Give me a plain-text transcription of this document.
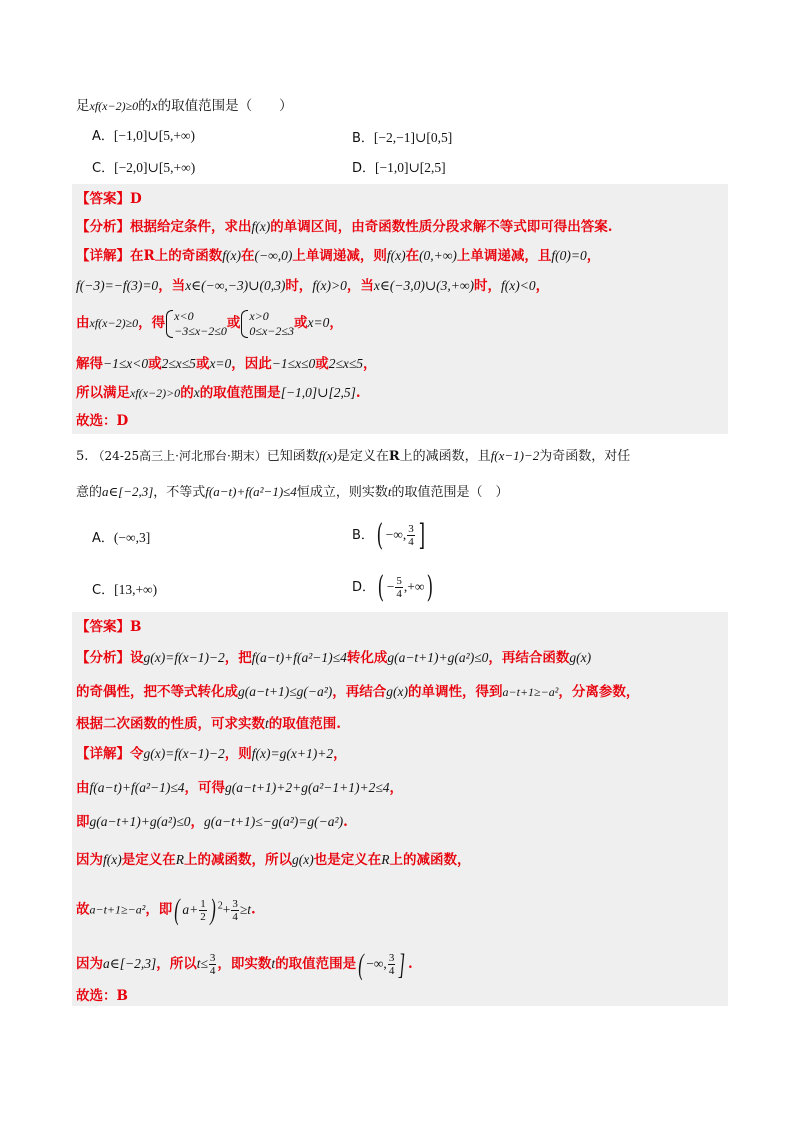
足xf(x−2)≥0的x的取值范围是（　　）
A．[−1,0]∪[5,+∞)	B．[−2,−1]∪[0,5]
C．[−2,0]∪[5,+∞)	D．[−1,0]∪[2,5]
【答案】D
【分析】根据给定条件，求出f(x)的单调区间，由奇函数性质分段求解不等式即可得出答案.
【详解】在R上的奇函数f(x)在(−∞,0)上单调递减，则f(x)在(0,+∞)上单调递减，且f(0)=0，
f(−3)=−f(3)=0，当x∈(−∞,−3)∪(0,3)时，f(x)>0，当x∈(−3,0)∪(3,+∞)时，f(x)<0，
由xf(x−2)≥0，得 x<0
−3≤x−2≤0 或 x>0
0≤x−2≤3 或x=0，
解得−1≤x<0或2≤x≤5或x=0，因此−1≤x≤0或2≤x≤5，
所以满足xf(x−2)>0的x的取值范围是[−1,0]∪[2,5].
故选：D
5. （24-25高三上·河北邢台·期末）已知函数f(x)是定义在R上的减函数，且f(x−1)−2为奇函数，对任
意的a∈[−2,3]，不等式f(a−t)+f(a²−1)≤4恒成立，则实数t的取值范围是（　）
A．(−∞,3]	B．( −∞, $\frac{3}{4}$ ]
C．[13,+∞)	D．( − $\frac{5}{4}$ ,+∞)
【答案】B
【分析】设g(x)=f(x−1)−2，把f(a−t)+f(a²−1)≤4转化成g(a−t+1)+g(a²)≤0，再结合函数g(x)
的奇偶性，把不等式转化成g(a−t+1)≤g(−a²)，再结合g(x)的单调性，得到a−t+1≥−a²，分离参数，
根据二次函数的性质，可求实数t的取值范围.
【详解】令g(x)=f(x−1)−2，则f(x)=g(x+1)+2，
由f(a−t)+f(a²−1)≤4，可得g(a−t+1)+2+g(a²−1+1)+2≤4，
即g(a−t+1)+g(a²)≤0，g(a−t+1)≤−g(a²)=g(−a²).
因为f(x)是定义在R上的减函数，所以g(x)也是定义在R上的减函数，
故a−t+1≥−a²，即( $a+ \frac{1}{2}$ ) $^2+ \frac{3}{4} \ge t$.
因为a∈[−2,3]，所以$t\le \frac{3}{4}$ ，即实数t的取值范围是( −∞, $\frac{3}{4}$ ] .
故选：B
